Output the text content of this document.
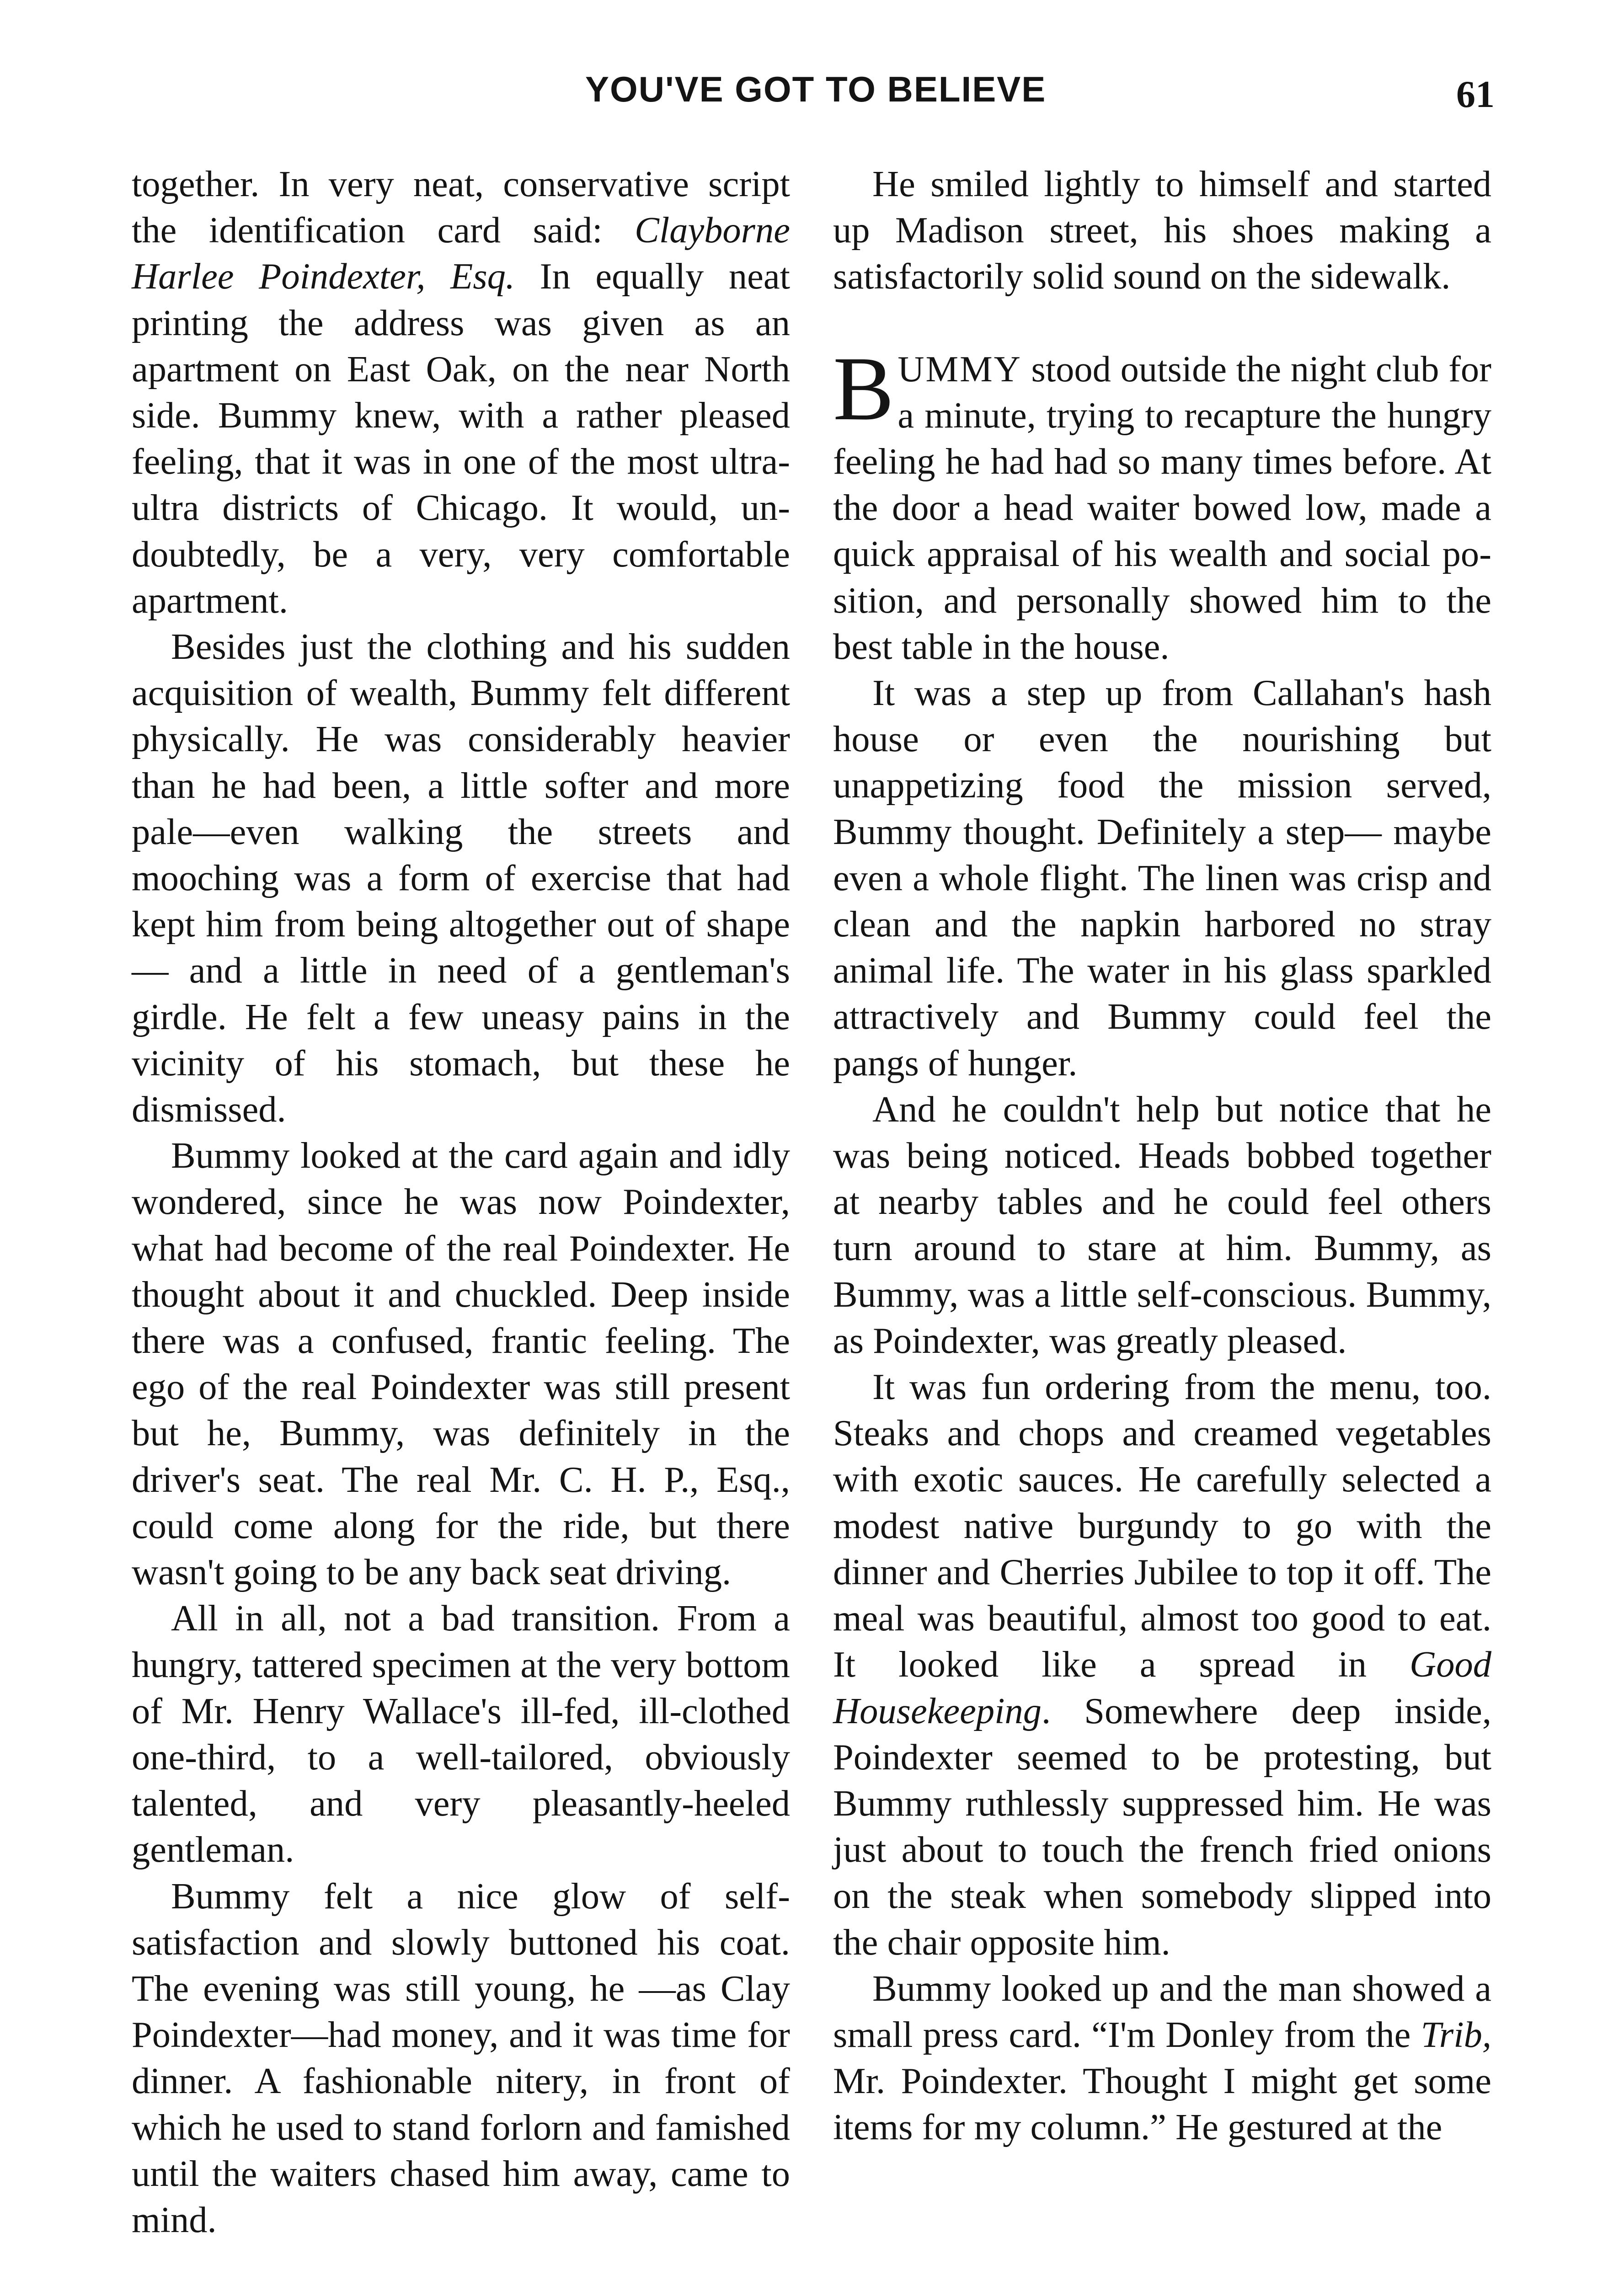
YOU'VE GOT TO BELIEVE	61

together. In very neat, conservative script the identification card said: Clayborne Harlee Poindexter, Esq. In equally neat printing the address was given as an apartment on East Oak, on the near North side. Bummy knew, with a rather pleased feeling, that it was in one of the most ultra-ultra districts of Chicago. It would, undoubtedly, be a very, very comfortable apartment.

Besides just the clothing and his sudden acquisition of wealth, Bummy felt different physically. He was considerably heavier than he had been, a little softer and more pale—even walking the streets and mooching was a form of exercise that had kept him from being altogether out of shape— and a little in need of a gentleman's girdle. He felt a few uneasy pains in the vicinity of his stomach, but these he dismissed.

Bummy looked at the card again and idly wondered, since he was now Poindexter, what had become of the real Poindexter. He thought about it and chuckled. Deep inside there was a confused, frantic feeling. The ego of the real Poindexter was still present but he, Bummy, was definitely in the driver's seat. The real Mr. C. H. P., Esq., could come along for the ride, but there wasn't going to be any back seat driving.

All in all, not a bad transition. From a hungry, tattered specimen at the very bottom of Mr. Henry Wallace's ill-fed, ill-clothed one-third, to a well-tailored, obviously talented, and very pleasantly-heeled gentleman.

Bummy felt a nice glow of self-satisfaction and slowly buttoned his coat. The evening was still young, he —as Clay Poindexter—had money, and it was time for dinner. A fashionable nitery, in front of which he used to stand forlorn and famished until the waiters chased him away, came to mind.

He smiled lightly to himself and started up Madison street, his shoes making a satisfactorily solid sound on the sidewalk.

BUMMY stood outside the night club for a minute, trying to recapture the hungry feeling he had had so many times before. At the door a head waiter bowed low, made a quick appraisal of his wealth and social position, and personally showed him to the best table in the house.

It was a step up from Callahan's hash house or even the nourishing but unappetizing food the mission served, Bummy thought. Definitely a step— maybe even a whole flight. The linen was crisp and clean and the napkin harbored no stray animal life. The water in his glass sparkled attractively and Bummy could feel the pangs of hunger.

And he couldn't help but notice that he was being noticed. Heads bobbed together at nearby tables and he could feel others turn around to stare at him. Bummy, as Bummy, was a little self-conscious. Bummy, as Poindexter, was greatly pleased.

It was fun ordering from the menu, too. Steaks and chops and creamed vegetables with exotic sauces. He carefully selected a modest native burgundy to go with the dinner and Cherries Jubilee to top it off. The meal was beautiful, almost too good to eat. It looked like a spread in Good Housekeeping. Somewhere deep inside, Poindexter seemed to be protesting, but Bummy ruthlessly suppressed him. He was just about to touch the french fried onions on the steak when somebody slipped into the chair opposite him.

Bummy looked up and the man showed a small press card. “I'm Donley from the Trib, Mr. Poindexter. Thought I might get some items for my column.” He gestured at the
